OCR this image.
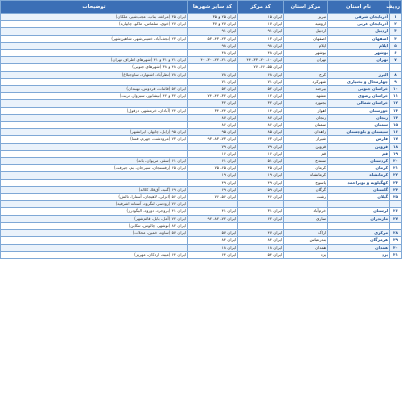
ردیف	نام استان	مرکز استان	کد مرکز	کد سایر شهرها	توضیحات
۱	آذربایجان شرقی	تبریز	ایران ۱۵	ایران ۲۵ و ۳۵	ایران ۳۵ (مراغه، بناب، عجب‌شیر، ملکان)
۲	آذربایجان غربی	ارومیه	ایران ۱۷	ایران ۲۷ و ۳۷	ایران ۲۷ (خوی، سلماس، ماکو، چایپاره)
۳	اردبیل	اردبیل	ایران ۹۱	ایران ۹۱	
۴	اصفهان	اصفهان	ایران ۱۳	ایران ۲۳، ۴۳، ۵۳	ایران ۲۳ (نجف‌آباد، خمینی‌شهر، شاهین‌شهر)
۵	ایلام	ایلام	ایران ۹۸	ایران ۹۸	
۶	بوشهر	بوشهر	ایران ۴۸	ایران ۴۸	
۷	تهران	تهران	ایران ۱۰، ۲۰، ۳۳، ۴۴	ایران ۲۱، ۲۲، ۳۰، ۴۰	ایران ۲۱ و ۳۱ و ۴۱ (شهرهای اطراف تهران)
			ایران ۵۵، ۶۶، ۷۷		ایران ۴۸ و ۳۸ (شهرهای جنوبی)
۸	البرز	کرج	ایران ۶۸	ایران ۷۸	ایران ۷۸ (نظرآباد، اشتهارد، ساوجبلاغ)
۹	چهارمحال و بختیاری	شهرکرد	ایران ۷۱	ایران ۷۱	
۱۰	خراسان جنوبی	بیرجند	ایران ۵۲	ایران ۵۲	ایران ۵۲ (قائنات، فردوس، نهبندان)
۱۱	خراسان رضوی	مشهد	ایران ۱۲	ایران ۳۲، ۴۲، ۷۴	ایران ۳۲ و ۴۲ (نیشابور، سبزوار، تربت)
۱۲	خراسان شمالی	بجنورد	ایران ۳۲	ایران ۳۲	
۱۳	خوزستان	اهواز	ایران ۱۴	ایران ۲۴، ۳۴	ایران ۲۴ (آبادان، خرمشهر، دزفول)
۱۴	زنجان	زنجان	ایران ۸۷	ایران ۸۷	
۱۵	سمنان	سمنان	ایران ۸۶	ایران ۸۶	
۱۶	سیستان و بلوچستان	زاهدان	ایران ۸۵	ایران ۹۵	ایران ۹۵ (زابل، چابهار، ایرانشهر)
۱۷	فارس	شیراز	ایران ۶۳	ایران ۷۳، ۸۳، ۹۳	ایران ۷۳ (مرودشت، جهرم، فسا)
۱۸	قزوین	قزوین	ایران ۷۹	ایران ۷۹	
۱۹	قم	قم	ایران ۱۶	ایران ۱۶	
۲۰	کردستان	سنندج	ایران ۵۱	ایران ۶۱	ایران ۶۱ (سقز، مریوان، بانه)
۲۱	کرمان	کرمان	ایران ۴۵	ایران ۶۵، ۷۵	ایران ۶۵ (رفسنجان، سیرجان، بم، جیرفت)
۲۲	کرمانشاه	کرمانشاه	ایران ۱۹	ایران ۱۹	
۲۳	کهگیلویه و بویراحمد	یاسوج	ایران ۴۹	ایران ۴۹	
۲۴	گلستان	گرگان	ایران ۵۹	ایران ۶۹	ایران ۶۹ (گنبد، آق‌قلا، کلاله)
۲۵	گیلان	رشت	ایران ۴۶	ایران ۵۶، ۷۶	ایران ۵۶ (انزلی، لاهیجان، آستارا، تالش)
					ایران ۷۶ (رودسر، لنگرود، آستانه اشرفیه)
۲۶	لرستان	خرم‌آباد	ایران ۳۱	ایران ۴۱	ایران ۴۱ (بروجرد، دورود، الیگودرز)
۲۷	مازندران	ساری	ایران ۶۲	ایران ۷۲، ۸۲، ۹۲	ایران ۷۲ (آمل، بابل، قائم‌شهر)
					ایران ۸۲ (نوشهر، چالوس، تنکابن)
۲۸	مرکزی	اراک	ایران ۴۷	ایران ۵۷	ایران ۵۷ (ساوه، خمین، محلات)
۲۹	هرمزگان	بندرعباس	ایران ۸۴	ایران ۸۴	
۳۰	همدان	همدان	ایران ۱۸	ایران ۱۸	
۳۱	یزد	یزد	ایران ۵۴	ایران ۶۴	ایران ۶۴ (میبد، اردکان، مهریز)
